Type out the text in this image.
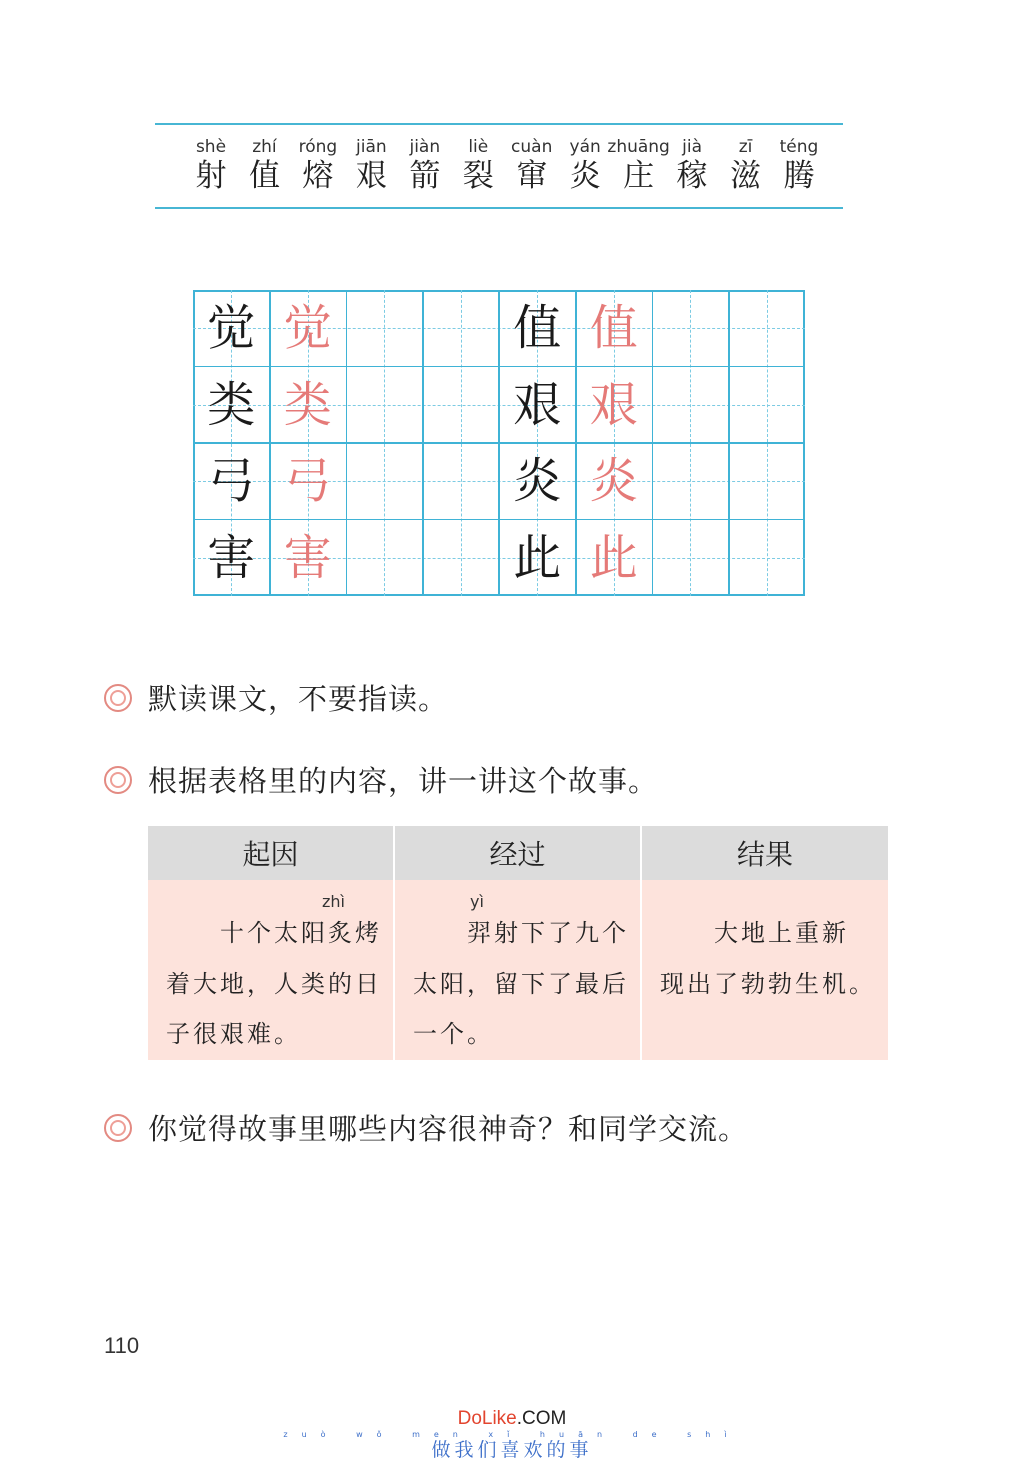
shè
射
zhí
值
róng
熔
jiān
艰
jiàn
箭
liè
裂
cuàn
窜
yán
炎
zhuāng
庄
jià
稼
zī
滋
téng
腾
觉 觉
类 类
弓 弓
害 害
值 值
艰 艰
炎 炎
此 此
默读课文，不要指读。
根据表格里的内容，讲一讲这个故事。
起因	经过	结果
zhì
十个太阳炙烤
着大地，人类的日
子很艰难。
yì
羿射下了九个
太阳，留下了最后
一个。
大地上重新
现出了勃勃生机。
你觉得故事里哪些内容很神奇？和同学交流。
110
DoLike.COM
zuò wǒ men xǐ huān de shì
做我们喜欢的事
